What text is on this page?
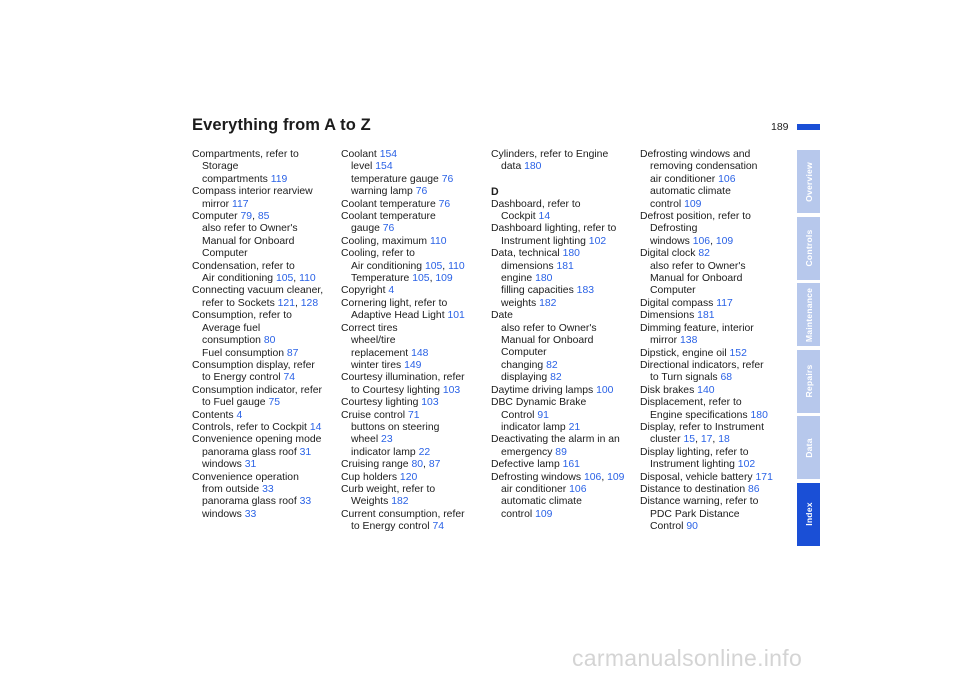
Everything from A to Z	189
Compartments, refer to
Storage
compartments 119
Compass interior rearview
mirror 117
Computer 79, 85
also refer to Owner's
Manual for Onboard
Computer
Condensation, refer to
Air conditioning 105, 110
Connecting vacuum cleaner,
refer to Sockets 121, 128
Consumption, refer to
Average fuel
consumption 80
Fuel consumption 87
Consumption display, refer
to Energy control 74
Consumption indicator, refer
to Fuel gauge 75
Contents 4
Controls, refer to Cockpit 14
Convenience opening mode
panorama glass roof 31
windows 31
Convenience operation
from outside 33
panorama glass roof 33
windows 33
Coolant 154
level 154
temperature gauge 76
warning lamp 76
Coolant temperature 76
Coolant temperature
gauge 76
Cooling, maximum 110
Cooling, refer to
Air conditioning 105, 110
Temperature 105, 109
Copyright 4
Cornering light, refer to
Adaptive Head Light 101
Correct tires
wheel/tire
replacement 148
winter tires 149
Courtesy illumination, refer
to Courtesy lighting 103
Courtesy lighting 103
Cruise control 71
buttons on steering
wheel 23
indicator lamp 22
Cruising range 80, 87
Cup holders 120
Curb weight, refer to
Weights 182
Current consumption, refer
to Energy control 74
Cylinders, refer to Engine
data 180
D
Dashboard, refer to
Cockpit 14
Dashboard lighting, refer to
Instrument lighting 102
Data, technical 180
dimensions 181
engine 180
filling capacities 183
weights 182
Date
also refer to Owner's
Manual for Onboard
Computer
changing 82
displaying 82
Daytime driving lamps 100
DBC Dynamic Brake
Control 91
indicator lamp 21
Deactivating the alarm in an
emergency 89
Defective lamp 161
Defrosting windows 106, 109
air conditioner 106
automatic climate
control 109
Defrosting windows and
removing condensation
air conditioner 106
automatic climate
control 109
Defrost position, refer to
Defrosting
windows 106, 109
Digital clock 82
also refer to Owner's
Manual for Onboard
Computer
Digital compass 117
Dimensions 181
Dimming feature, interior
mirror 138
Dipstick, engine oil 152
Directional indicators, refer
to Turn signals 68
Disk brakes 140
Displacement, refer to
Engine specifications 180
Display, refer to Instrument
cluster 15, 17, 18
Display lighting, refer to
Instrument lighting 102
Disposal, vehicle battery 171
Distance to destination 86
Distance warning, refer to
PDC Park Distance
Control 90
Overview
Controls
Maintenance
Repairs
Data
Index
carmanualsonline.info
